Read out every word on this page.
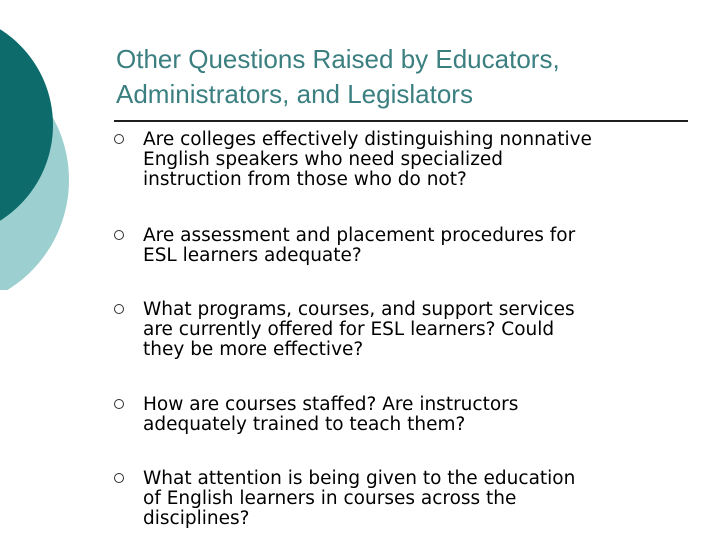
Other Questions Raised by Educators,
Administrators, and Legislators
Are colleges effectively distinguishing nonnative
English speakers who need specialized
instruction from those who do not?
Are assessment and placement procedures for
ESL learners adequate?
What programs, courses, and support services
are currently offered for ESL learners? Could
they be more effective?
How are courses staffed? Are instructors
adequately trained to teach them?
What attention is being given to the education
of English learners in courses across the
disciplines?
